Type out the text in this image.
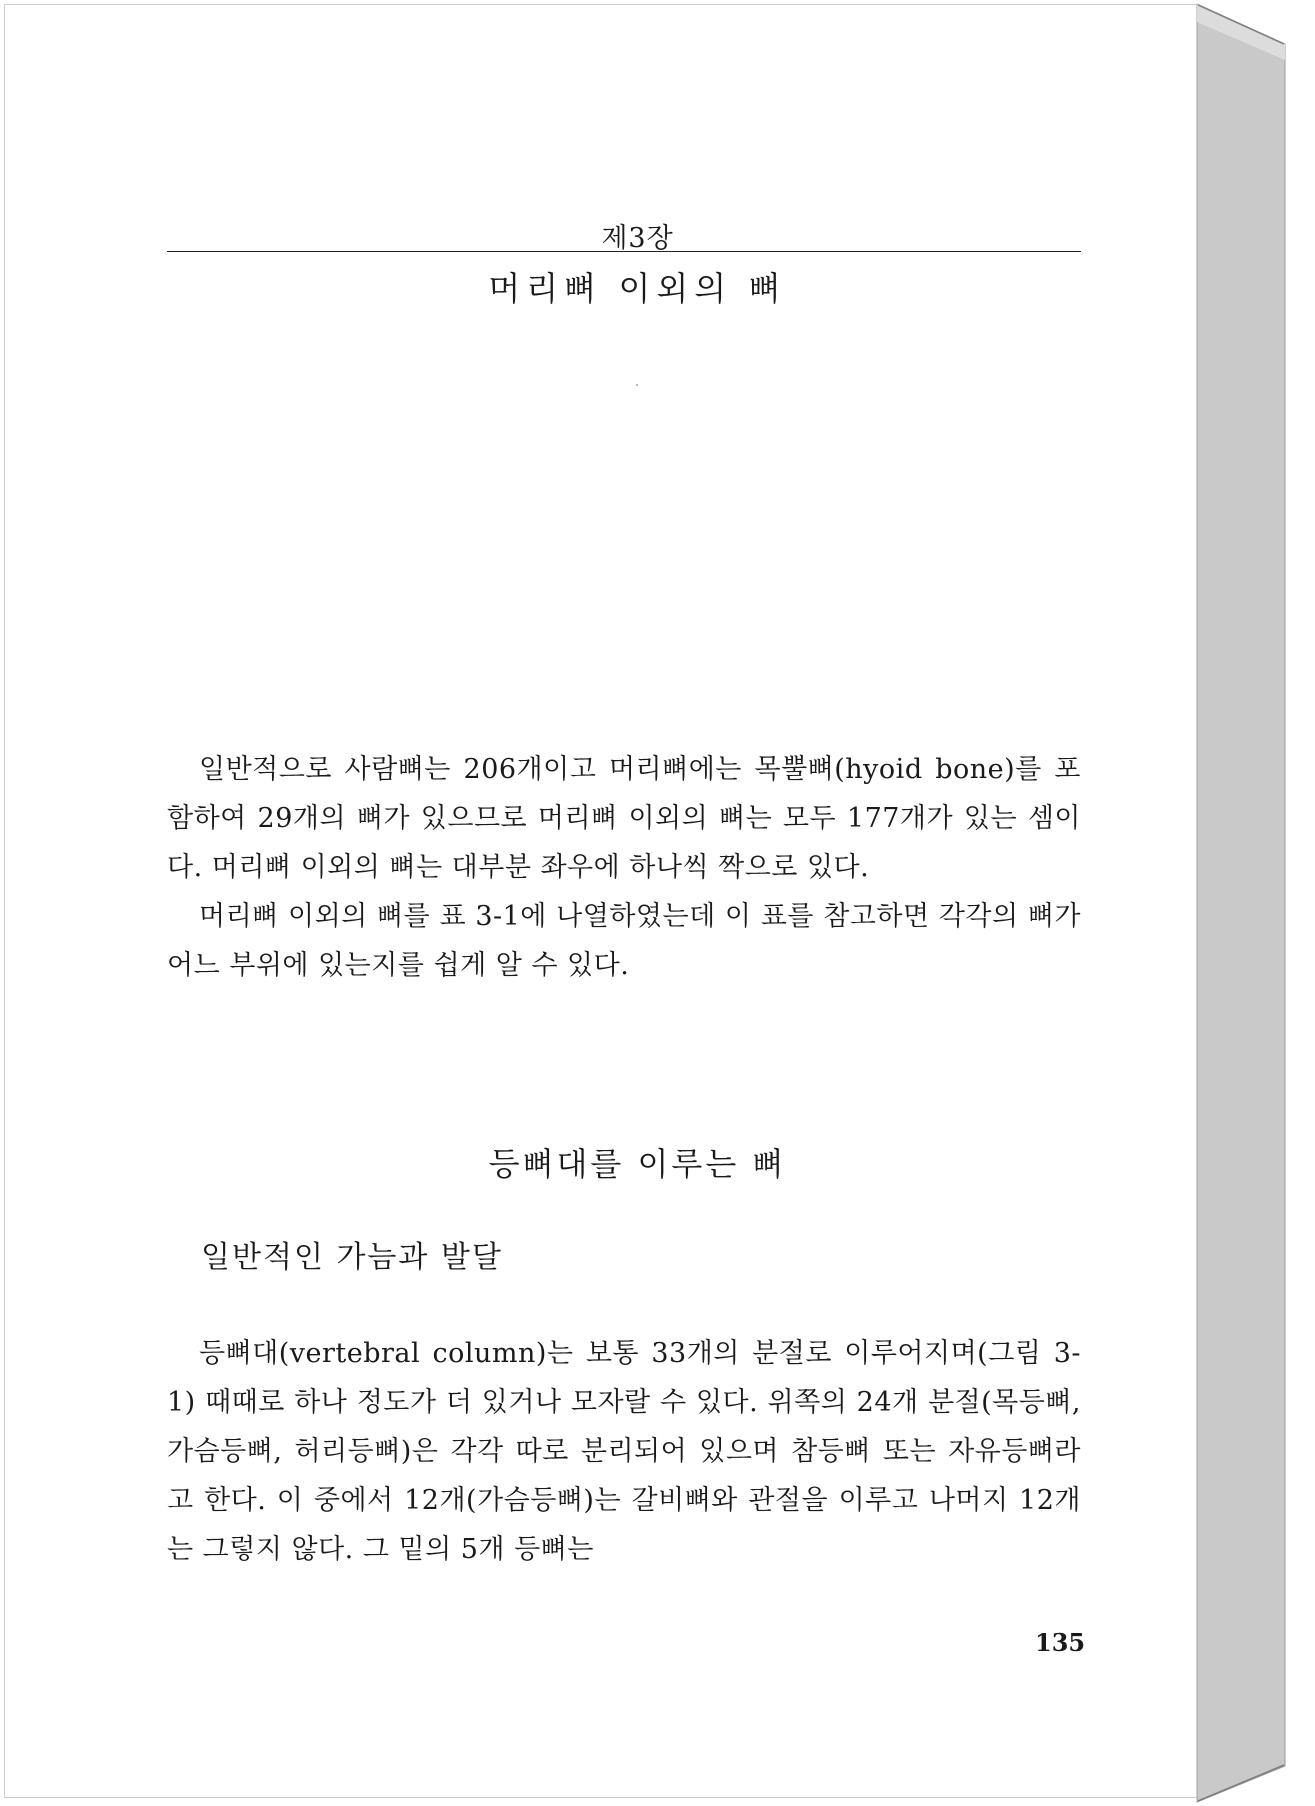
제3장
머리뼈 이외의 뼈

일반적으로 사람뼈는 206개이고 머리뼈에는 목뿔뼈(hyoid bone)를 포함하여 29개의 뼈가 있으므로 머리뼈 이외의 뼈는 모두 177개가 있는 셈이다. 머리뼈 이외의 뼈는 대부분 좌우에 하나씩 짝으로 있다.

머리뼈 이외의 뼈를 표 3-1에 나열하였는데 이 표를 참고하면 각각의 뼈가 어느 부위에 있는지를 쉽게 알 수 있다.

등뼈대를 이루는 뼈
일반적인 가늠과 발달

등뼈대(vertebral column)는 보통 33개의 분절로 이루어지며(그림 3-1) 때때로 하나 정도가 더 있거나 모자랄 수 있다. 위쪽의 24개 분절(목등뼈, 가슴등뼈, 허리등뼈)은 각각 따로 분리되어 있으며 참등뼈 또는 자유등뼈라고 한다. 이 중에서 12개(가슴등뼈)는 갈비뼈와 관절을 이루고 나머지 12개는 그렇지 않다. 그 밑의 5개 등뼈는

135
